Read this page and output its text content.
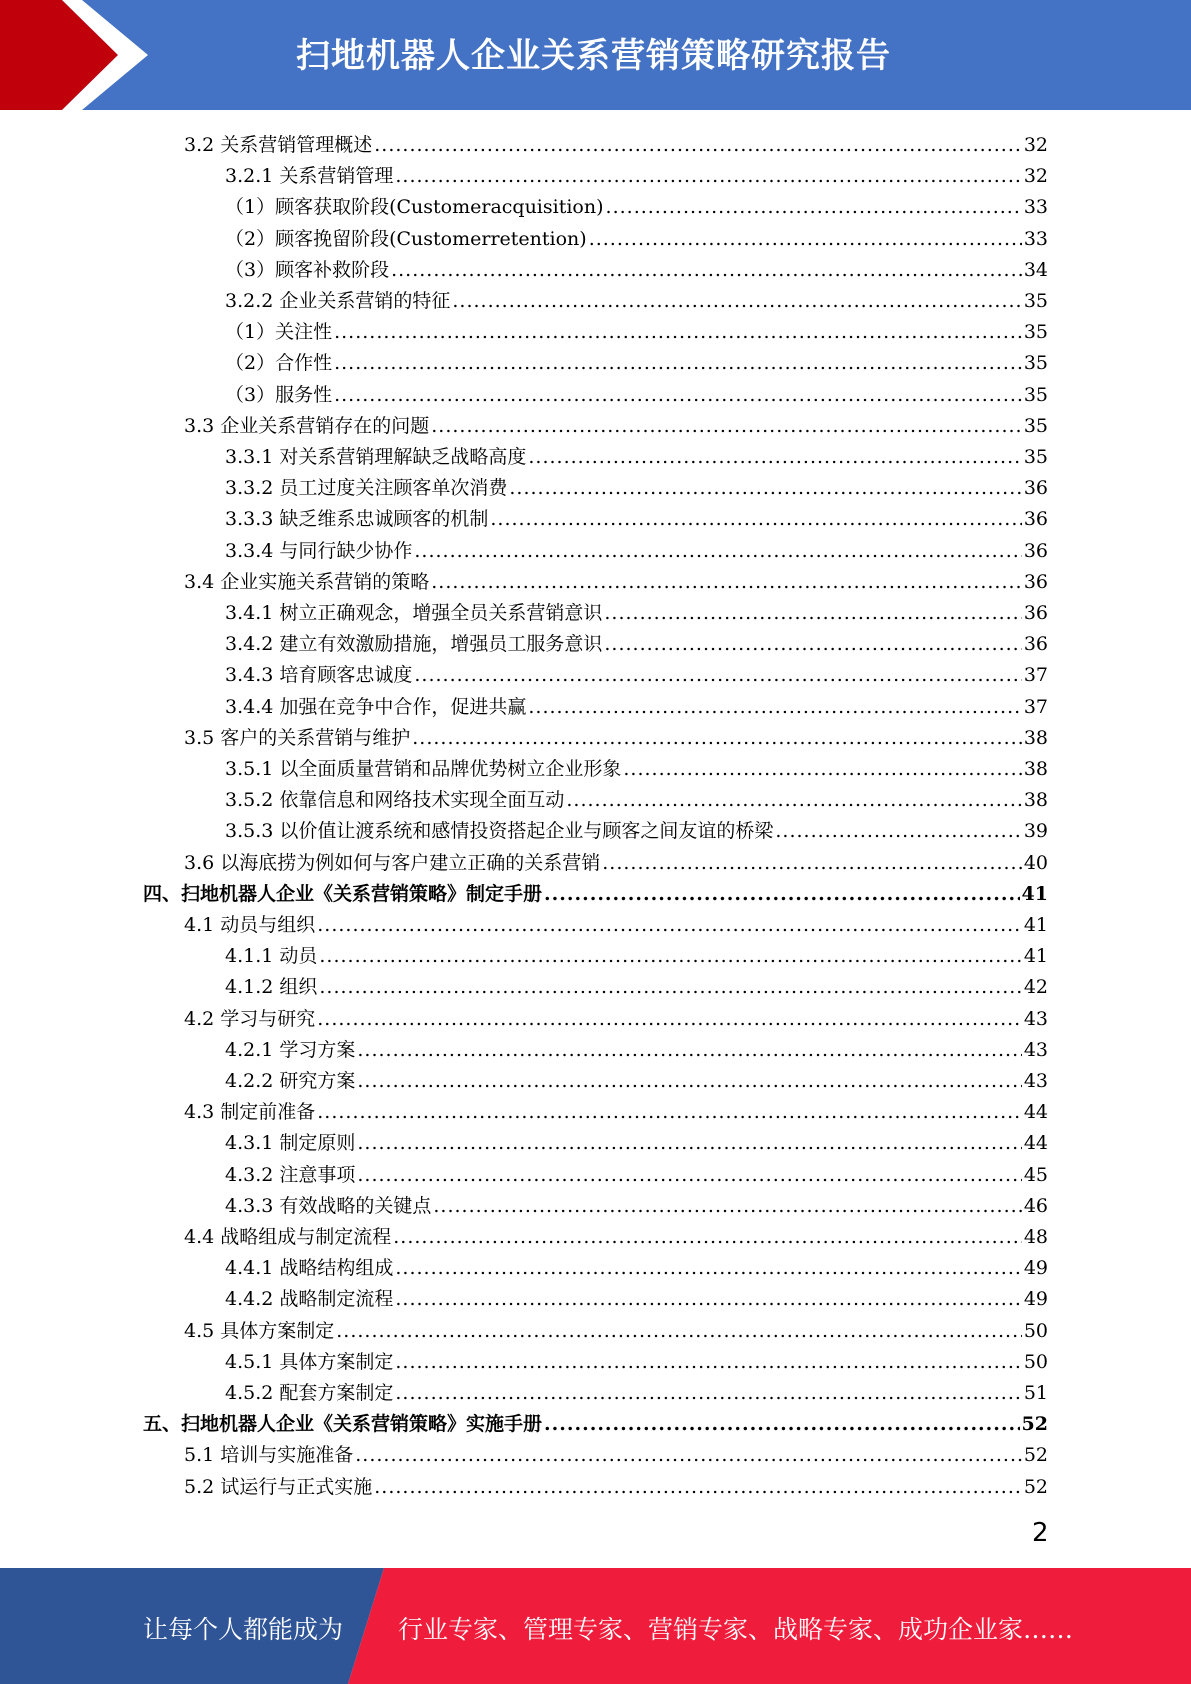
扫地机器人企业关系营销策略研究报告
3.2 关系营销管理概述 .....	32
3.2.1 关系营销管理 .....	32
（1）顾客获取阶段(Customeracquisition) .....	33
（2）顾客挽留阶段(Customerretention) .....	33
（3）顾客补救阶段 .....	34
3.2.2 企业关系营销的特征 .....	35
（1）关注性 .....	35
（2）合作性 .....	35
（3）服务性 .....	35
3.3 企业关系营销存在的问题 .....	35
3.3.1 对关系营销理解缺乏战略高度 .....	35
3.3.2 员工过度关注顾客单次消费 .....	36
3.3.3 缺乏维系忠诚顾客的机制 .....	36
3.3.4 与同行缺少协作 .....	36
3.4 企业实施关系营销的策略 .....	36
3.4.1 树立正确观念，增强全员关系营销意识 .....	36
3.4.2 建立有效激励措施，增强员工服务意识 .....	36
3.4.3 培育顾客忠诚度 .....	37
3.4.4 加强在竞争中合作，促进共赢 .....	37
3.5 客户的关系营销与维护 .....	38
3.5.1 以全面质量营销和品牌优势树立企业形象 .....	38
3.5.2 依靠信息和网络技术实现全面互动 .....	38
3.5.3 以价值让渡系统和感情投资搭起企业与顾客之间友谊的桥梁 .....	39
3.6 以海底捞为例如何与客户建立正确的关系营销 .....	40
四、扫地机器人企业《关系营销策略》制定手册 .....	41
4.1 动员与组织 .....	41
4.1.1 动员 .....	41
4.1.2 组织 .....	42
4.2 学习与研究 .....	43
4.2.1 学习方案 .....	43
4.2.2 研究方案 .....	43
4.3 制定前准备 .....	44
4.3.1 制定原则 .....	44
4.3.2 注意事项 .....	45
4.3.3 有效战略的关键点 .....	46
4.4 战略组成与制定流程 .....	48
4.4.1 战略结构组成 .....	49
4.4.2 战略制定流程 .....	49
4.5 具体方案制定 .....	50
4.5.1 具体方案制定 .....	50
4.5.2 配套方案制定 .....	51
五、扫地机器人企业《关系营销策略》实施手册 .....	52
5.1 培训与实施准备 .....	52
5.2 试运行与正式实施 .....	52
2
让每个人都能成为 行业专家、管理专家、营销专家、战略专家、成功企业家……
